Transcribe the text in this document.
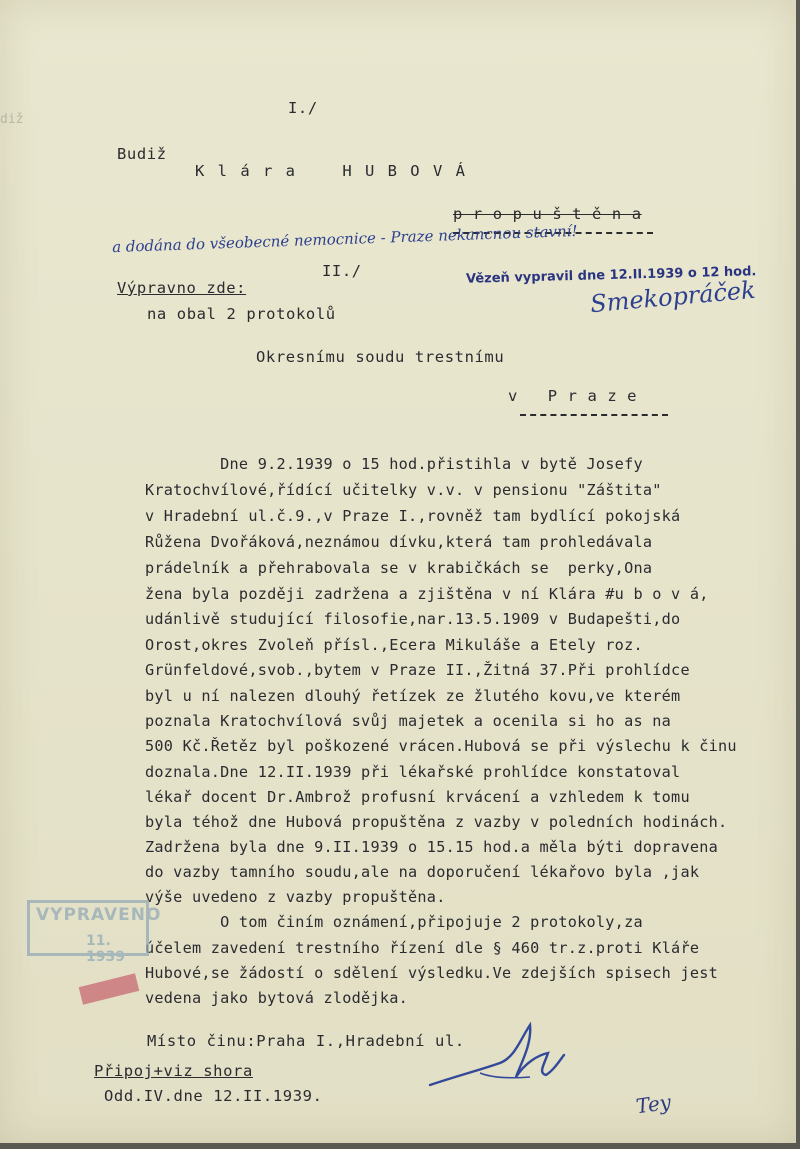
diž
I./
Budiž
K l á r a    H U B O V Á
p r o p u š t ě n a
a dodána do všeobecné nemocnice - Praze nekancnou stavní!
II./	Vězeň vypravil dne 12.II.1939 o 12 hod.
Smekopráček
Výpravno zde:
na obal 2 protokolů
Okresnímu soudu trestnímu
v   P r a z e
Dne 9.2.1939 o 15 hod.přistihla v bytě Josefy
Kratochvílové,řídící učitelky v.v. v pensionu "Záštita"
v Hradební ul.č.9.,v Praze I.,rovněž tam bydlící pokojská
Růžena Dvořáková,neznámou dívku,která tam prohledávala
prádelník a přehrabovala se v krabičkách se  perky,Ona
žena byla později zadržena a zjištěna v ní Klára #u b o v á,
udánlivě studující filosofie,nar.13.5.1909 v Budapešti,do
Orost,okres Zvoleň přísl.,Ecera Mikuláše a Etely roz.
Grünfeldové,svob.,bytem v Praze II.,Žitná 37.Při prohlídce
byl u ní nalezen dlouhý řetízek ze žlutého kovu,ve kterém
poznala Kratochvílová svůj majetek a ocenila si ho as na
500 Kč.Řetěz byl poškozené vrácen.Hubová se při výslechu k činu
doznala.Dne 12.II.1939 při lékařské prohlídce konstatoval
lékař docent Dr.Ambrož profusní krvácení a vzhledem k tomu
byla téhož dne Hubová propuštěna z vazby v poledních hodinách.
Zadržena byla dne 9.II.1939 o 15.15 hod.a měla býti dopravena
do vazby tamního soudu,ale na doporučení lékařovo byla ,jak
výše uvedeno z vazby propuštěna.
O tom činím oznámení,připojuje 2 protokoly,za
účelem zavedení trestního řízení dle § 460 tr.z.proti Kláře
Hubové,se žádostí o sdělení výsledku.Ve zdejších spisech jest
vedena jako bytová zlodějka.
VYPRAVENO
11. 1939

Místo činu:Praha I.,Hradební ul.
Připoj+viz shora
Odd.IV.dne 12.II.1939.	Tey
